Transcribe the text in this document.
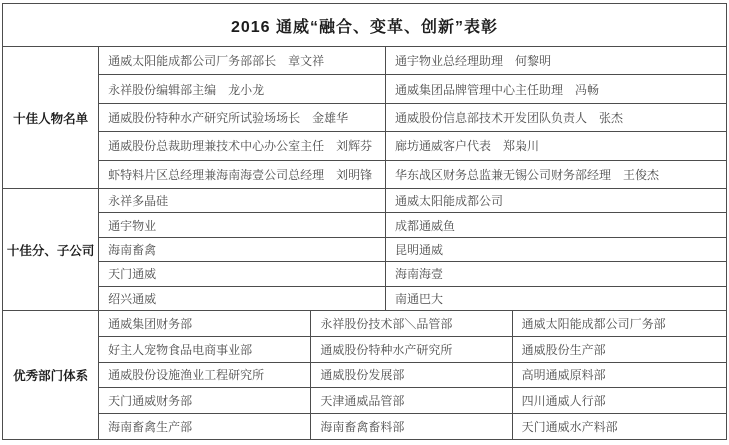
2016 通威“融合、变革、创新”表彰
十佳人物名单
通威太阳能成都公司厂务部部长　章文祥	通宇物业总经理助理　何黎明
永祥股份编辑部主编　龙小龙	通威集团品牌管理中心主任助理　冯畅
通威股份特种水产研究所试验场场长　金雄华	通威股份信息部技术开发团队负责人　张杰
通威股份总裁助理兼技术中心办公室主任　刘辉芬	廊坊通威客户代表　郑枭川
虾特料片区总经理兼海南海壹公司总经理　刘明锋	华东战区财务总监兼无锡公司财务部经理　王俊杰
十佳分、子公司
永祥多晶硅	通威太阳能成都公司
通宇物业	成都通威鱼
海南畜禽	昆明通威
天门通威	海南海壹
绍兴通威	南通巴大
优秀部门体系
通威集团财务部	永祥股份技术部＼品管部	通威太阳能成都公司厂务部
好主人宠物食品电商事业部	通威股份特种水产研究所	通威股份生产部
通威股份设施渔业工程研究所	通威股份发展部	高明通威原料部
天门通威财务部	天津通威品管部	四川通威人行部
海南畜禽生产部	海南畜禽畜料部	天门通威水产料部
